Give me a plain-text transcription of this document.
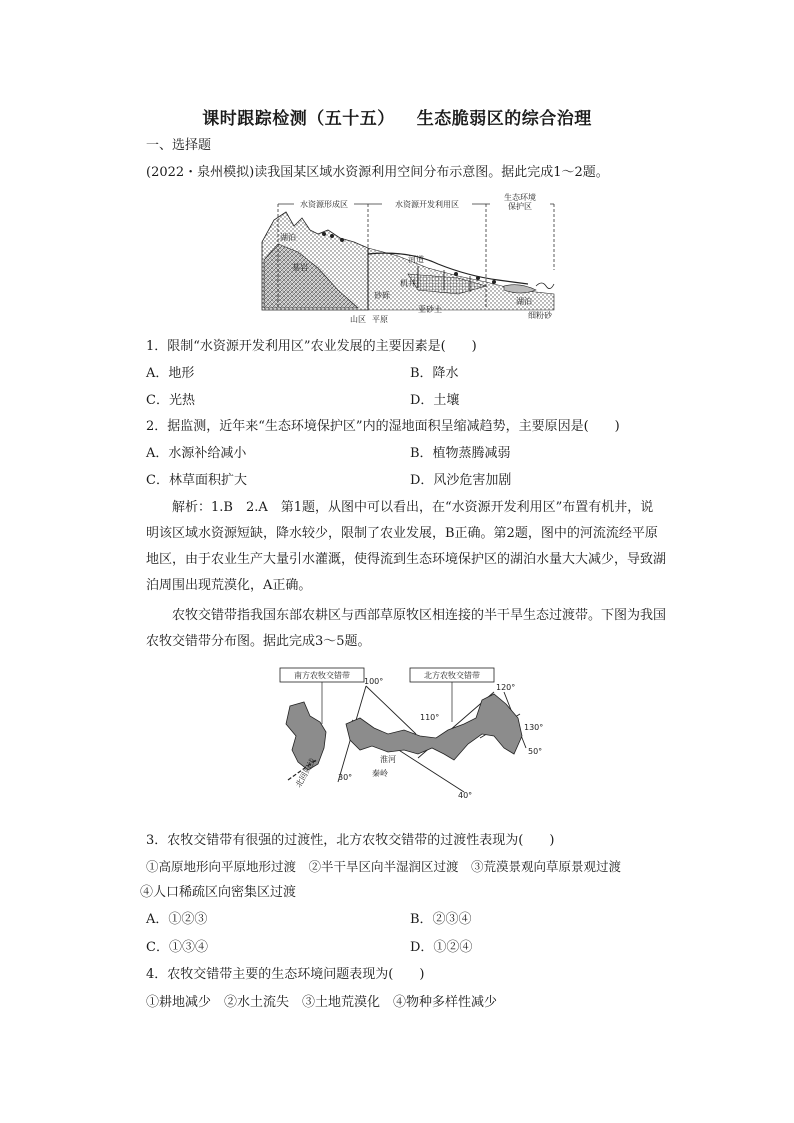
课时跟踪检测（五十五） 生态脆弱区的综合治理
一、选择题
(2022・泉州模拟)读我国某区域水资源利用空间分布示意图。据此完成1～2题。
水资源形成区	水资源开发利用区
生态环境保护区
湖泊
基岩
河道
机井
砂砾
亚砂土
湖泊
细粉砂
山区 平原
1．限制“水资源开发利用区”农业发展的主要因素是(　　)
A．地形	B．降水
C．光热	D．土壤
2．据监测，近年来“生态环境保护区”内的湿地面积呈缩减趋势，主要原因是(　　)
A．水源补给减小	B．植物蒸腾减弱
C．林草面积扩大	D．风沙危害加剧
解析：1.B　2.A　第1题，从图中可以看出，在“水资源开发利用区”布置有机井，说明该区域水资源短缺，降水较少，限制了农业发展，B正确。第2题，图中的河流流经平原地区，由于农业生产大量引水灌溉，使得流到生态环境保护区的湖泊水量大大减少，导致湖泊周围出现荒漠化，A正确。
农牧交错带指我国东部农耕区与西部草原牧区相连接的半干旱生态过渡带。下图为我国农牧交错带分布图。据此完成3～5题。
南方农牧交错带	北方农牧交错带
100°
110°
120°
130°
50°
40°
30° 秦岭
淮河
北回归线
3．农牧交错带有很强的过渡性，北方农牧交错带的过渡性表现为(　　)
①高原地形向平原地形过渡　②半干旱区向半湿润区过渡　③荒漠景观向草原景观过渡
④人口稀疏区向密集区过渡
A．①②③	B．②③④
C．①③④	D．①②④
4．农牧交错带主要的生态环境问题表现为(　　)
①耕地减少　②水土流失　③土地荒漠化　④物种多样性减少
